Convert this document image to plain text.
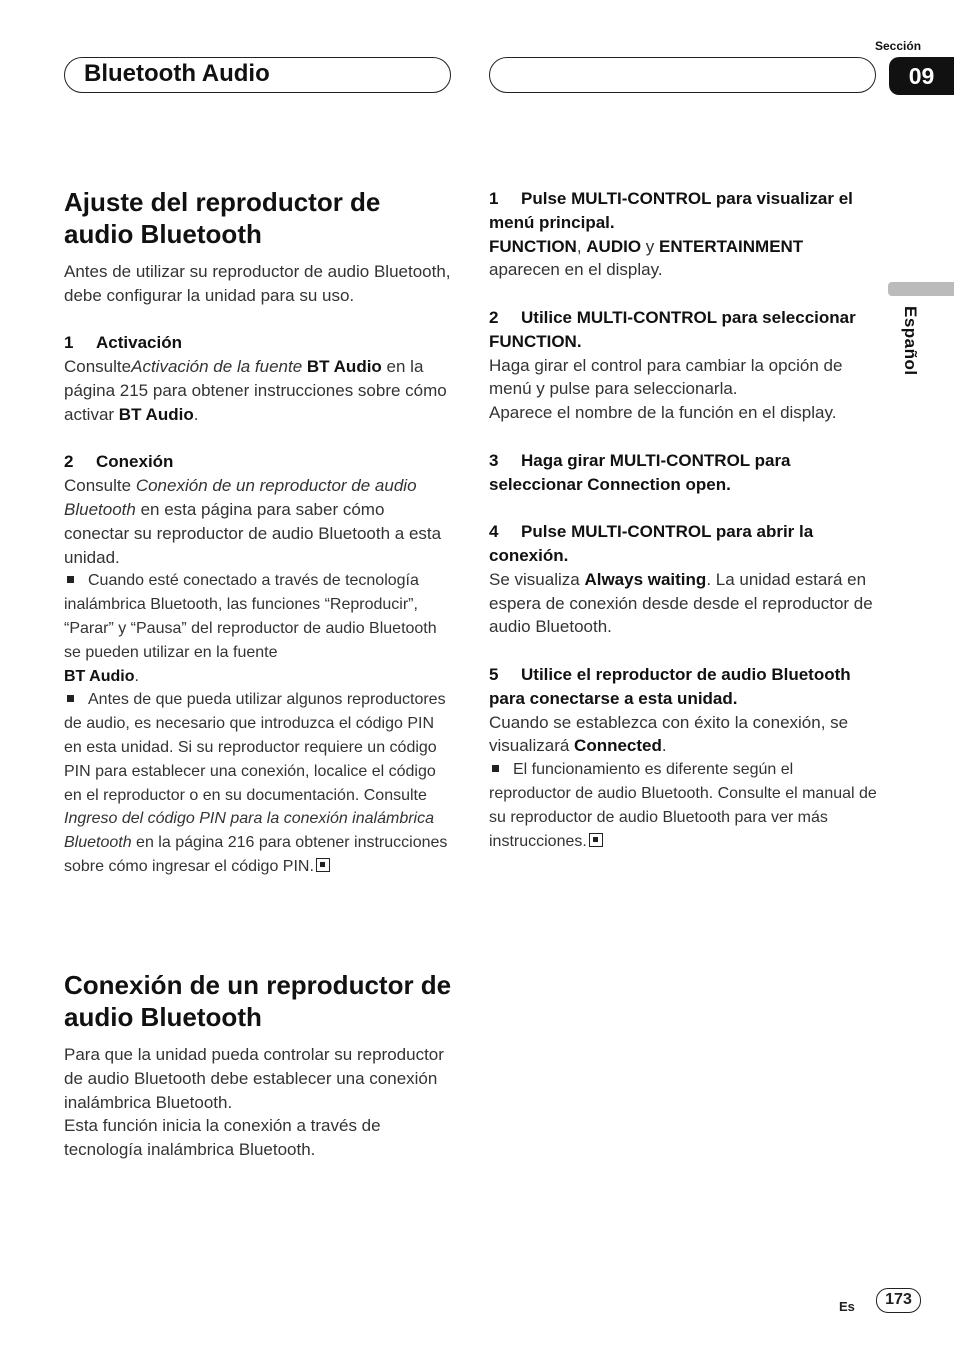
Bluetooth Audio
Sección
09
Español
Ajuste del reproductor de audio Bluetooth

Antes de utilizar su reproductor de audio Bluetooth, debe configurar la unidad para su uso.

1 Activación

ConsulteActivación de la fuente BT Audio en la página 215 para obtener instrucciones sobre cómo activar BT Audio.

2 Conexión

Consulte Conexión de un reproductor de audio Bluetooth en esta página para saber cómo conectar su reproductor de audio Bluetooth a esta unidad.

Cuando esté conectado a través de tecnología inalámbrica Bluetooth, las funciones “Reproducir”, “Parar” y “Pausa” del reproductor de audio Bluetooth se pueden utilizar en la fuente
BT Audio.

Antes de que pueda utilizar algunos reproductores de audio, es necesario que introduzca el código PIN en esta unidad. Si su reproductor requiere un código PIN para establecer una conexión, localice el código en el reproductor o en su documentación. Consulte Ingreso del código PIN para la conexión inalámbrica Bluetooth en la página 216 para obtener instrucciones sobre cómo ingresar el código PIN.

Conexión de un reproductor de audio Bluetooth

Para que la unidad pueda controlar su reproductor de audio Bluetooth debe establecer una conexión inalámbrica Bluetooth.

Esta función inicia la conexión a través de tecnología inalámbrica Bluetooth.

1 Pulse MULTI-CONTROL para visualizar el menú principal.

FUNCTION, AUDIO y ENTERTAINMENT aparecen en el display.

2 Utilice MULTI-CONTROL para seleccionar FUNCTION.

Haga girar el control para cambiar la opción de menú y pulse para seleccionarla.

Aparece el nombre de la función en el display.

3 Haga girar MULTI-CONTROL para seleccionar Connection open.

4 Pulse MULTI-CONTROL para abrir la conexión.

Se visualiza Always waiting. La unidad estará en espera de conexión desde desde el reproductor de audio Bluetooth.

5 Utilice el reproductor de audio Bluetooth para conectarse a esta unidad.

Cuando se establezca con éxito la conexión, se visualizará Connected.

El funcionamiento es diferente según el reproductor de audio Bluetooth. Consulte el manual de su reproductor de audio Bluetooth para ver más instrucciones.

Es	173
